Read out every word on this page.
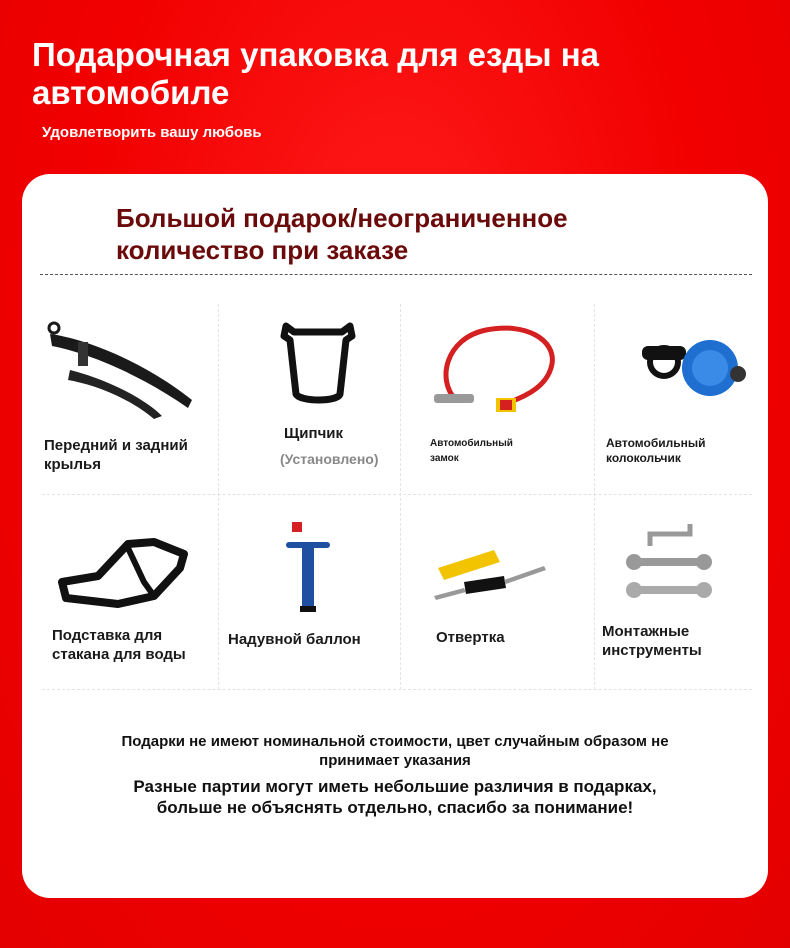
Подарочная упаковка для езды на автомобиле
Удовлетворить вашу любовь
Большой подарок/неограниченное количество при заказе
Передний и задний крылья
Щипчик
(Установлено)
Автомобильный замок
Автомобильный колокольчик
Подставка для стакана для воды
Надувной баллон	Отвертка	Монтажные инструменты
Подарки не имеют номинальной стоимости, цвет случайным образом не принимает указания
Разные партии могут иметь небольшие различия в подарках, больше не объяснять отдельно, спасибо за понимание!
